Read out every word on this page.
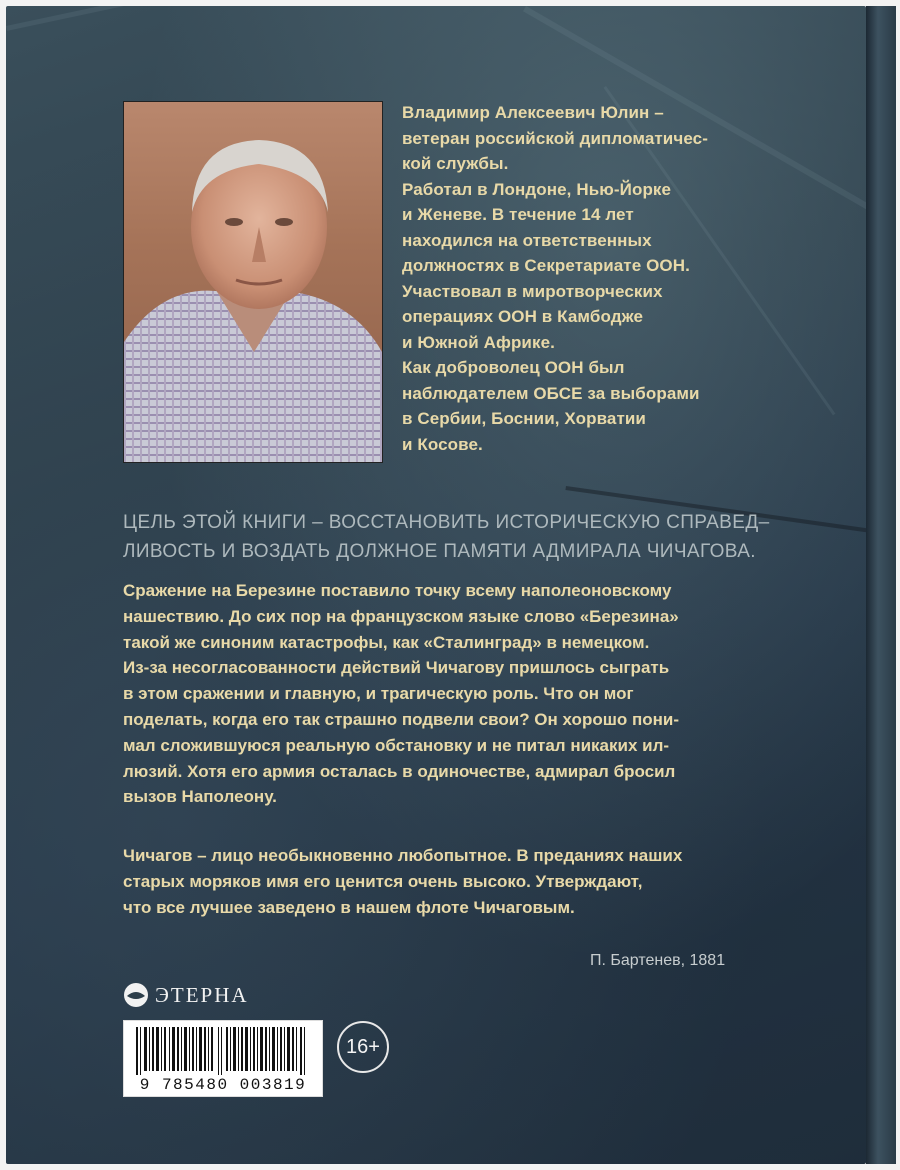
Владимир Алексеевич Юлин –
ветеран российской дипломатичес-
кой службы.
Работал в Лондоне, Нью-Йорке
и Женеве. В течение 14 лет
находился на ответственных
должностях в Секретариате ООН.
Участвовал в миротворческих
операциях ООН в Камбодже
и Южной Африке.
Как доброволец ООН был
наблюдателем ОБСЕ за выборами
в Сербии, Боснии, Хорватии
и Косове.
ЦЕЛЬ ЭТОЙ КНИГИ – ВОССТАНОВИТЬ ИСТОРИЧЕСКУЮ СПРАВЕД–
ЛИВОСТЬ И ВОЗДАТЬ ДОЛЖНОЕ ПАМЯТИ АДМИРАЛА ЧИЧАГОВА.
Сражение на Березине поставило точку всему наполеоновскому
нашествию. До сих пор на французском языке слово «Березина»
такой же синоним катастрофы, как «Сталинград» в немецком.
Из-за несогласованности действий Чичагову пришлось сыграть
в этом сражении и главную, и трагическую роль. Что он мог
поделать, когда его так страшно подвели свои? Он хорошо пони-
мал сложившуюся реальную обстановку и не питал никаких ил-
люзий. Хотя его армия осталась в одиночестве, адмирал бросил
вызов Наполеону.
Чичагов – лицо необыкновенно любопытное. В преданиях наших
старых моряков имя его ценится очень высоко. Утверждают,
что все лучшее заведено в нашем флоте Чичаговым.
П. Бартенев, 1881
ЭТЕРНА
9 785480 003819
16+
